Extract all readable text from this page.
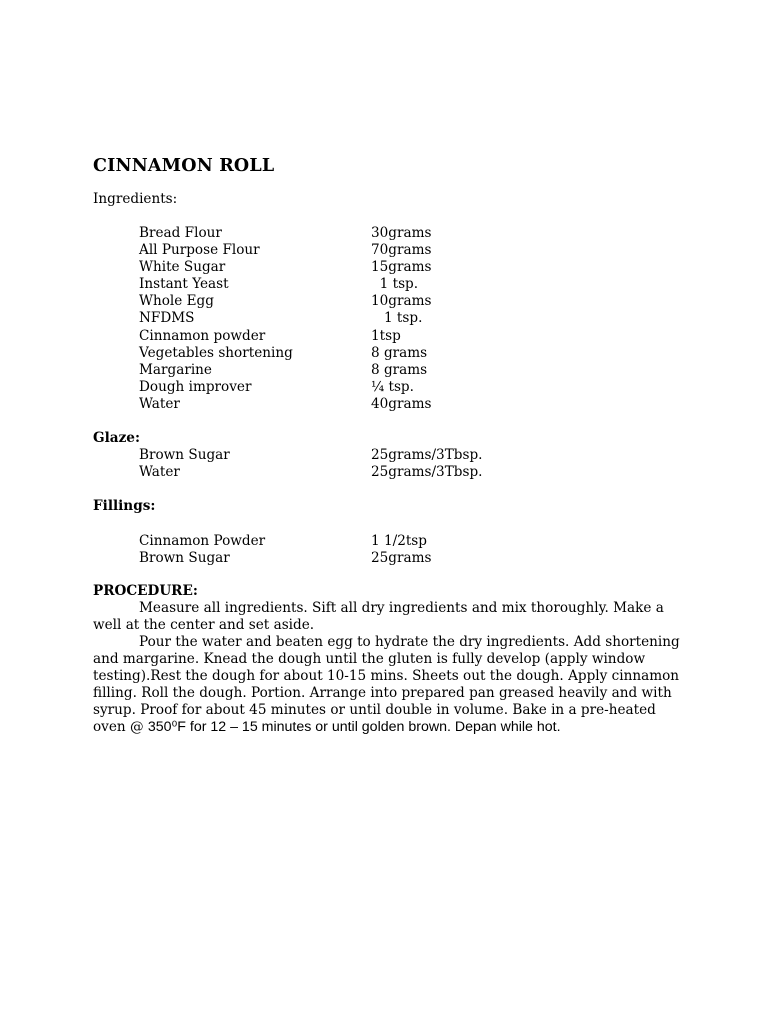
CINNAMON ROLL
Ingredients:
Bread Flour	30grams
All Purpose Flour	70grams
White Sugar	15grams
Instant Yeast	1 tsp.
Whole Egg	10grams
NFDMS	1 tsp.
Cinnamon powder	1tsp
Vegetables shortening	8 grams
Margarine	8 grams
Dough improver	¼ tsp.
Water	40grams
Glaze:
Brown Sugar	25grams/3Tbsp.
Water	25grams/3Tbsp.
Fillings:
Cinnamon Powder	1 1/2tsp
Brown Sugar	25grams
PROCEDURE:

Measure all ingredients. Sift all dry ingredients and mix thoroughly. Make a well at the center and set aside.

Pour the water and beaten egg to hydrate the dry ingredients. Add shortening and margarine. Knead the dough until the gluten is fully develop (apply window testing).Rest the dough for about 10-15 mins. Sheets out the dough. Apply cinnamon filling. Roll the dough. Portion. Arrange into prepared pan greased heavily and with syrup. Proof for about 45 minutes or until double in volume. Bake in a pre-heated oven @ 350⁰F for 12 – 15 minutes or until golden brown. Depan while hot.
